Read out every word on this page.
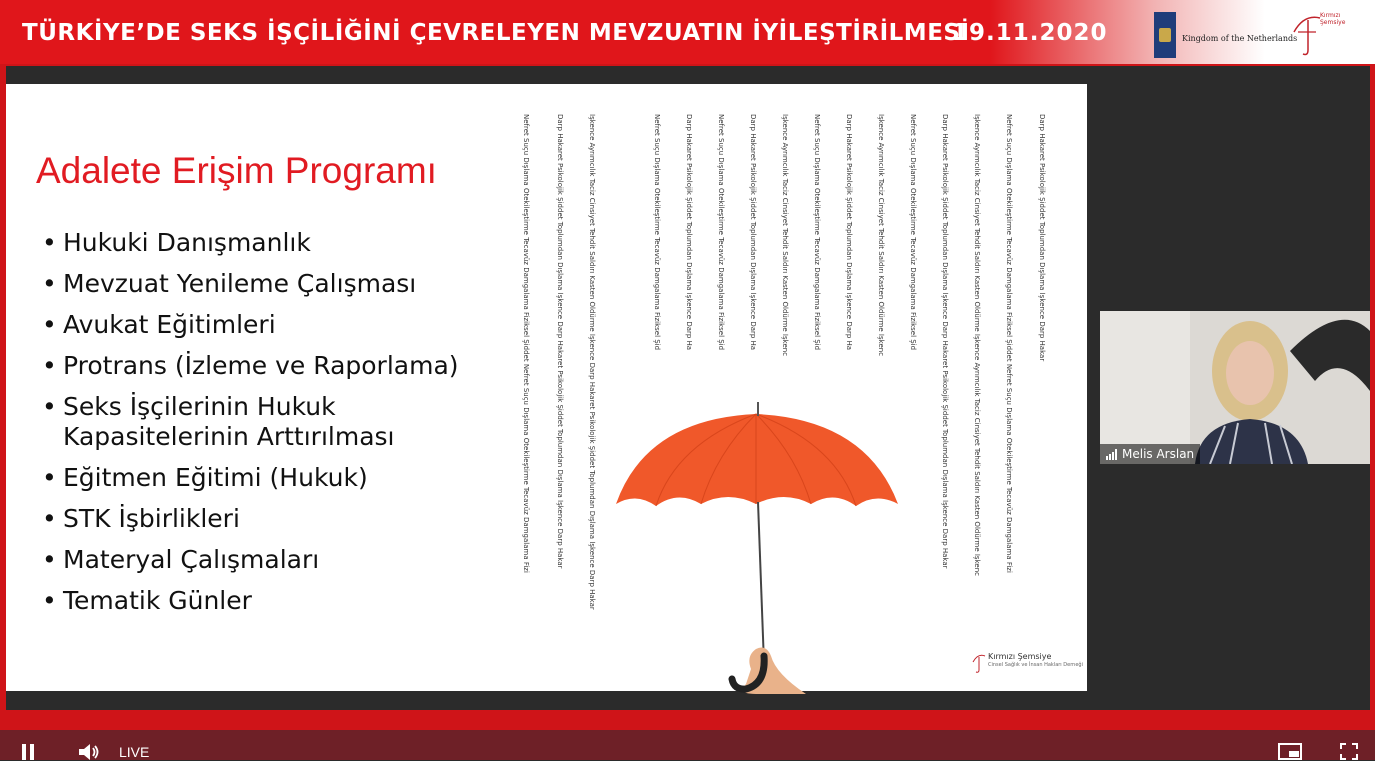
TÜRKİYE’DE SEKS İŞÇİLİĞİNİ ÇEVRELEYEN MEVZUATIN İYİLEŞTİRİLMESİ
19.11.2020	Kingdom of the Netherlands
Kırmızı Şemsiye
Adalete Erişim Programı
• Hukuki Danışmanlık
• Mevzuat Yenileme Çalışması
• Avukat Eğitimleri
• Protrans (İzleme ve Raporlama)
• Seks İşçilerinin Hukuk Kapasitelerinin Arttırılması
• Eğitmen Eğitimi (Hukuk)
• STK İşbirlikleri
• Materyal Çalışmaları
• Tematik Günler
Darp Hakaret Psikolojik Şiddet Toplumdan Dışlama İşkence Darp Hakar
Nefret Suçu Dışlama Ötekileştirme Tecavüz Damgalama Fiziksel Şiddet Nefret Suçu Dışlama Ötekileştirme Tecavüz Damgalama Fizi
İşkence Ayrımcılık Taciz Cinsiyet Tehdit Saldırı Kasten Öldürme İşkence Ayrımcılık Taciz Cinsiyet Tehdit Saldırı Kasten Öldürme İşkenc
Darp Hakaret Psikolojik Şiddet Toplumdan Dışlama İşkence Darp Hakaret Psikolojik Şiddet Toplumdan Dışlama İşkence Darp Hakar
Nefret Suçu Dışlama Ötekileştirme Tecavüz Damgalama Fiziksel Şid
İşkence Ayrımcılık Taciz Cinsiyet Tehdit Saldırı Kasten Öldürme İşkenc
Darp Hakaret Psikolojik Şiddet Toplumdan Dışlama İşkence Darp Ha
Nefret Suçu Dışlama Ötekileştirme Tecavüz Damgalama Fiziksel Şid
İşkence Ayrımcılık Taciz Cinsiyet Tehdit Saldırı Kasten Öldürme İşkenc
Darp Hakaret Psikolojik Şiddet Toplumdan Dışlama İşkence Darp Ha
Nefret Suçu Dışlama Ötekileştirme Tecavüz Damgalama Fiziksel Şid
Darp Hakaret Psikolojik Şiddet Toplumdan Dışlama İşkence Darp Ha
Nefret Suçu Dışlama Ötekileştirme Tecavüz Damgalama Fiziksel Şid
İşkence Ayrımcılık Taciz Cinsiyet Tehdit Saldırı Kasten Öldürme İşkence Darp Hakaret Psikolojik Şiddet Toplumdan Dışlama İşkence Darp Hakar
Darp Hakaret Psikolojik Şiddet Toplumdan Dışlama İşkence Darp Hakaret Psikolojik Şiddet Toplumdan Dışlama İşkence Darp Hakar
Nefret Suçu Dışlama Ötekileştirme Tecavüz Damgalama Fiziksel Şiddet Nefret Suçu Dışlama Ötekileştirme Tecavüz Damgalama Fizi
Kırmızı Şemsiye
Cinsel Sağlık ve İnsan Hakları Derneği
Melis Arslan
LIVE
